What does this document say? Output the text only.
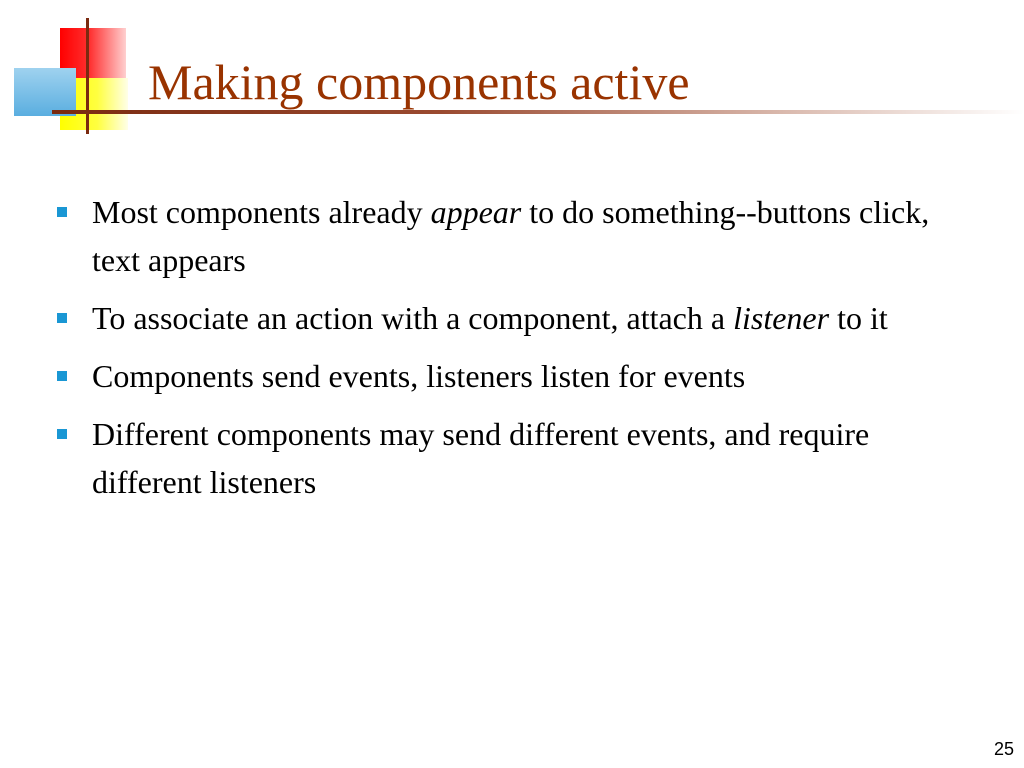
Making components active
Most components already appear to do something--buttons click, text appears
To associate an action with a component, attach a listener to it
Components send events, listeners listen for events
Different components may send different events, and require different listeners
25
